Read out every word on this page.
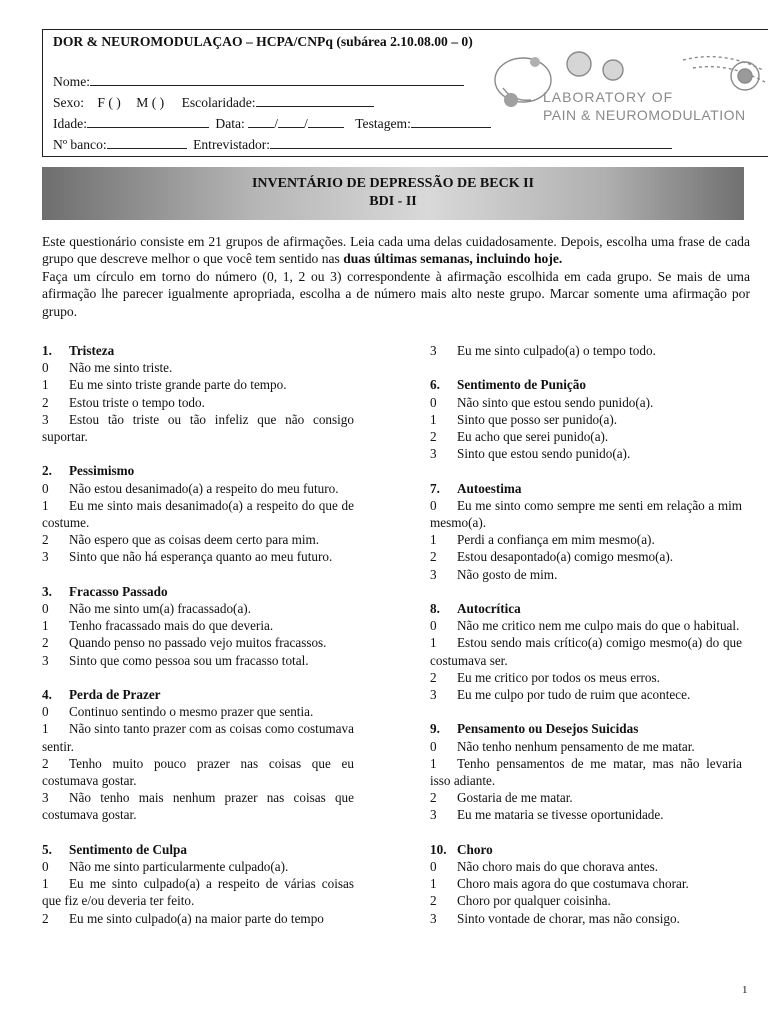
DOR & NEUROMODULAÇAO – HCPA/CNPq (subárea 2.10.08.00 – 0)
Nome:
Sexo: F ( ) M ( ) Escolaridade:
Idade:	Data: / /	Testagem:
Nº banco:	Entrevistador:
LABORATORY OF
PAIN & NEUROMODULATION
INVENTÁRIO DE DEPRESSÃO DE BECK II
BDI - II
Este questionário consiste em 21 grupos de afirmações. Leia cada uma delas cuidadosamente. Depois, escolha uma frase de cada grupo que descreve melhor o que você tem sentido nas duas últimas semanas, incluindo hoje.
Faça um círculo em torno do número (0, 1, 2 ou 3) correspondente à afirmação escolhida em cada grupo. Se mais de uma afirmação lhe parecer igualmente apropriada, escolha a de número mais alto neste grupo. Marcar somente uma afirmação por grupo.
1. Tristeza
0 Não me sinto triste.
1 Eu me sinto triste grande parte do tempo.
2 Estou triste o tempo todo.
3 Estou tão triste ou tão infeliz que não consigo suportar.
2. Pessimismo
0 Não estou desanimado(a) a respeito do meu futuro.
1 Eu me sinto mais desanimado(a) a respeito do que de costume.
2 Não espero que as coisas deem certo para mim.
3 Sinto que não há esperança quanto ao meu futuro.
3. Fracasso Passado
0 Não me sinto um(a) fracassado(a).
1 Tenho fracassado mais do que deveria.
2 Quando penso no passado vejo muitos fracassos.
3 Sinto que como pessoa sou um fracasso total.
4. Perda de Prazer
0 Continuo sentindo o mesmo prazer que sentia.
1 Não sinto tanto prazer com as coisas como costumava sentir.
2 Tenho muito pouco prazer nas coisas que eu costumava gostar.
3 Não tenho mais nenhum prazer nas coisas que costumava gostar.
5. Sentimento de Culpa
0 Não me sinto particularmente culpado(a).
1 Eu me sinto culpado(a) a respeito de várias coisas que fiz e/ou deveria ter feito.
2 Eu me sinto culpado(a) na maior parte do tempo
3 Eu me sinto culpado(a) o tempo todo.
6. Sentimento de Punição
0 Não sinto que estou sendo punido(a).
1 Sinto que posso ser punido(a).
2 Eu acho que serei punido(a).
3 Sinto que estou sendo punido(a).
7. Autoestima
0 Eu me sinto como sempre me senti em relação a mim mesmo(a).
1 Perdi a confiança em mim mesmo(a).
2 Estou desapontado(a) comigo mesmo(a).
3 Não gosto de mim.
8. Autocrítica
0 Não me critico nem me culpo mais do que o habitual.
1 Estou sendo mais crítico(a) comigo mesmo(a) do que costumava ser.
2 Eu me critico por todos os meus erros.
3 Eu me culpo por tudo de ruim que acontece.
9. Pensamento ou Desejos Suicidas
0 Não tenho nenhum pensamento de me matar.
1 Tenho pensamentos de me matar, mas não levaria isso adiante.
2 Gostaria de me matar.
3 Eu me mataria se tivesse oportunidade.
10. Choro
0 Não choro mais do que chorava antes.
1 Choro mais agora do que costumava chorar.
2 Choro por qualquer coisinha.
3 Sinto vontade de chorar, mas não consigo.
1
